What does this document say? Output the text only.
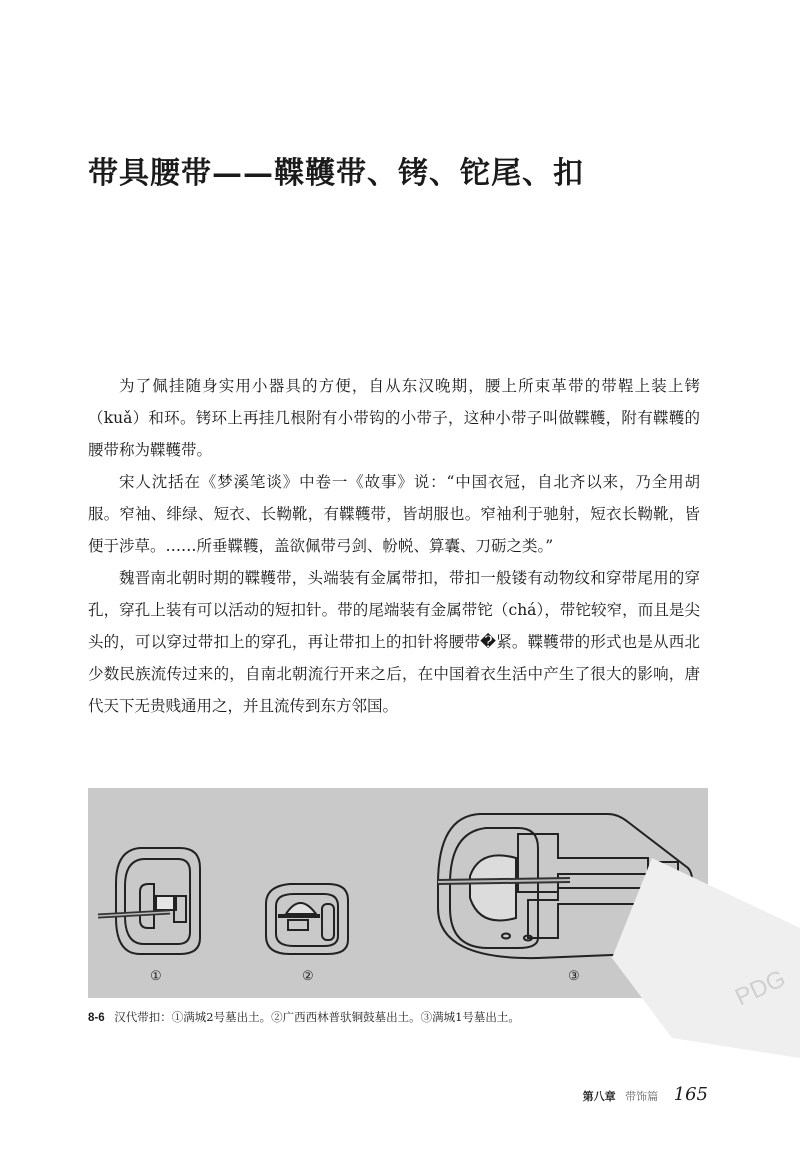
带具腰带——鞢韄带、铐、铊尾、扣

为了佩挂随身实用小器具的方便，自从东汉晚期，腰上所束革带的带鞓上装上铐（kuǎ）和环。铐环上再挂几根附有小带钩的小带子，这种小带子叫做鞢韄，附有鞢韄的腰带称为鞢韄带。

宋人沈括在《梦溪笔谈》中卷一《故事》说：“中国衣冠，自北齐以来，乃全用胡服。窄袖、绯绿、短衣、长靿靴，有鞢韄带，皆胡服也。窄袖利于驰射，短衣长靿靴，皆便于涉草。……所垂鞢韄，盖欲佩带弓剑、帉帨、算囊、刀砺之类。”

魏晋南北朝时期的鞢韄带，头端装有金属带扣，带扣一般镂有动物纹和穿带尾用的穿孔，穿孔上装有可以活动的短扣针。带的尾端装有金属带铊（chá），带铊较窄，而且是尖头的，可以穿过带扣上的穿孔，再让带扣上的扣针将腰带�紧。鞢韄带的形式也是从西北少数民族流传过来的，自南北朝流行开来之后，在中国着衣生活中产生了很大的影响，唐代天下无贵贱通用之，并且流传到东方邻国。

①	②	③
8-6 汉代带扣：①满城2号墓出土。②广西西林普驮铜鼓墓出土。③满城1号墓出土。
第八章 带饰篇 165
PDG
